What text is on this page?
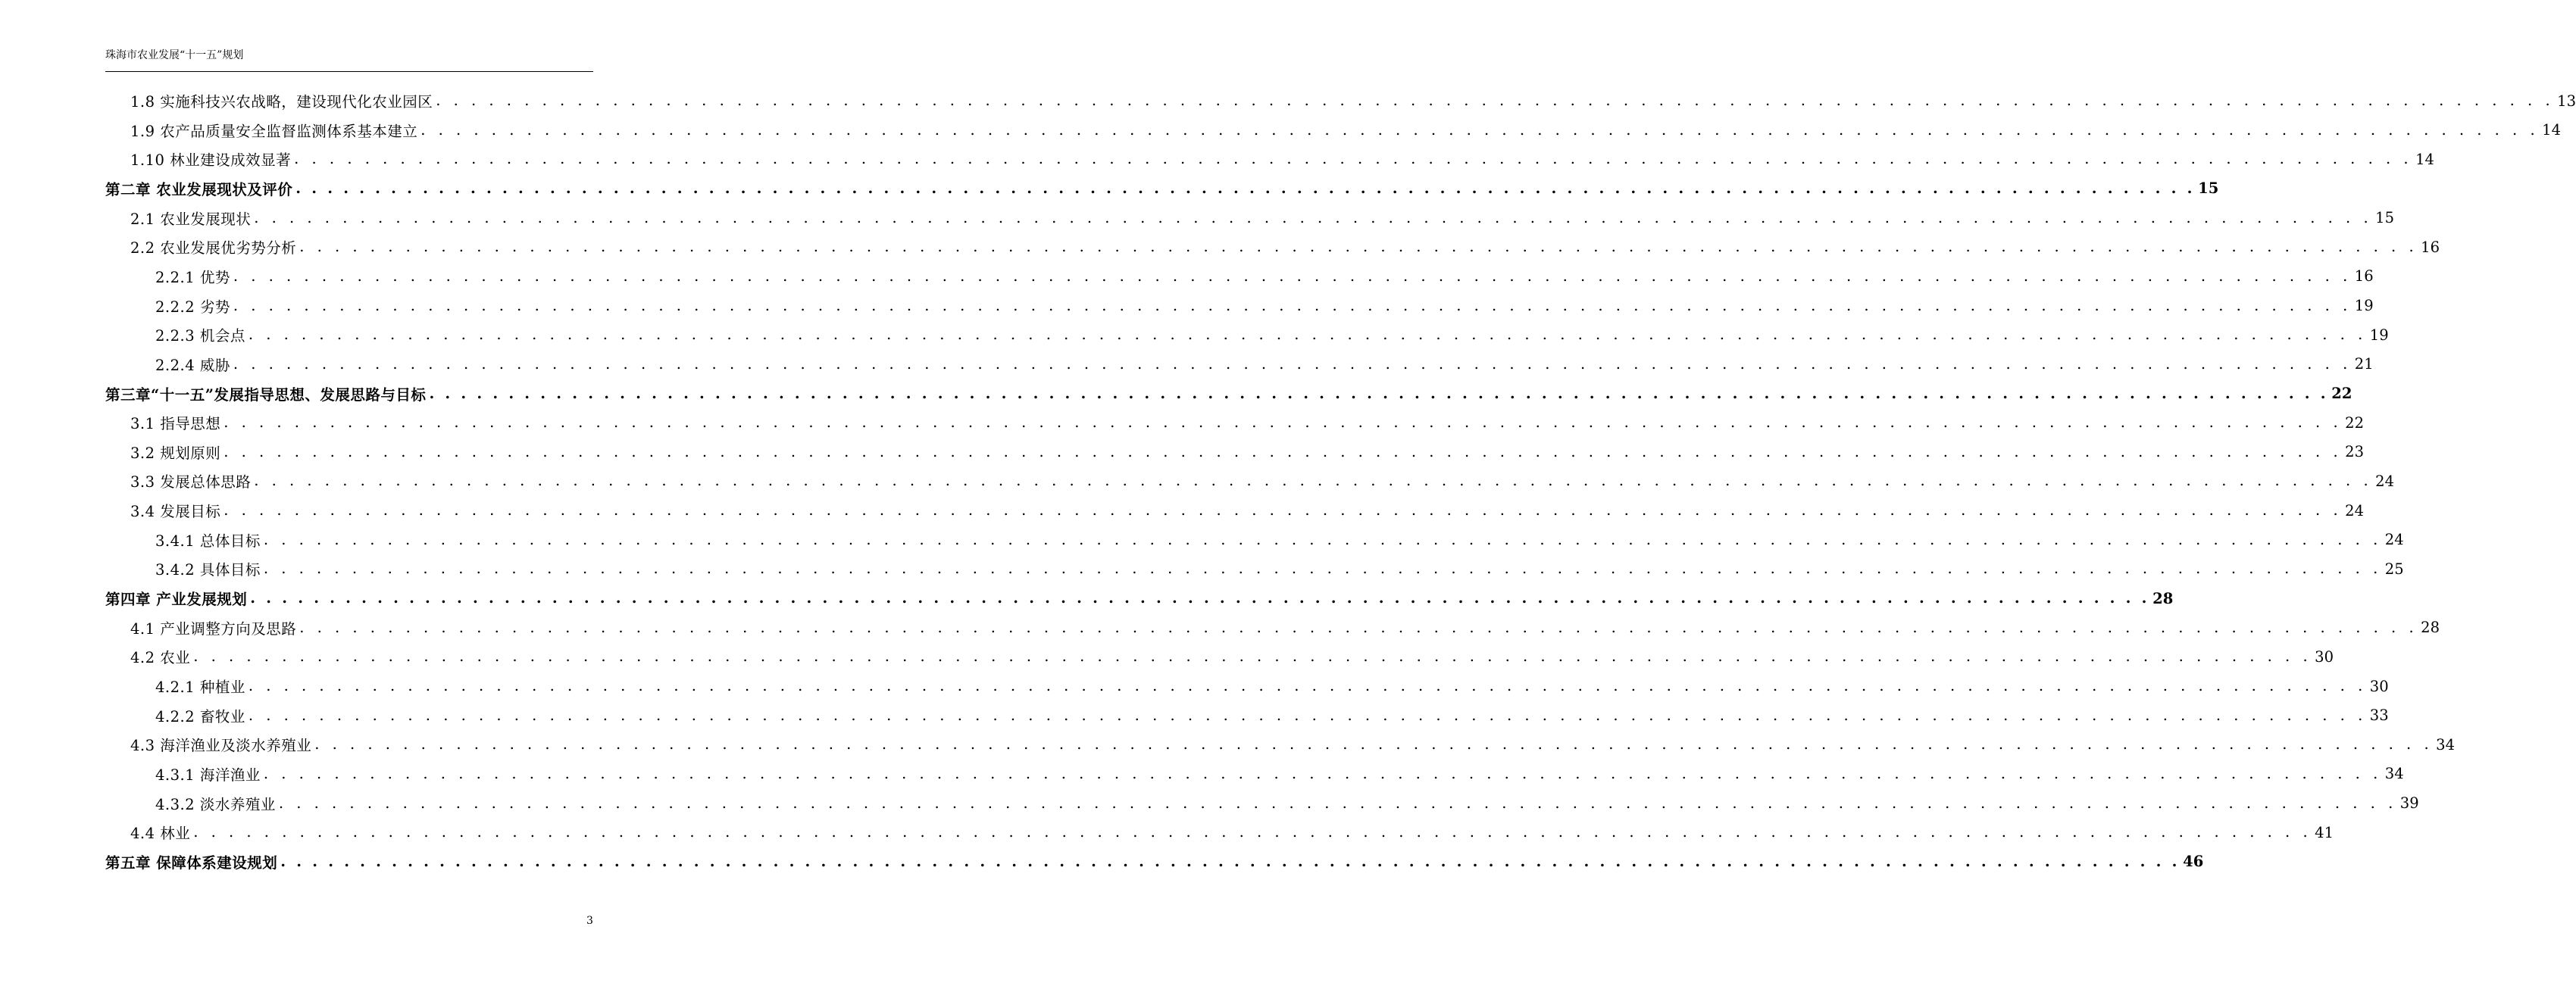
珠海市农业发展“十一五”规划
1.8 实施科技兴农战略，建设现代化农业园区 . . . . . . . . . . . . . . . . . . . . . . . . . . . . . . . . . . . . . . . . . . . . . . . . . . . . . . . . . . . . . . . . . . . . . . . . . . . . . . . . . . . . . . . . . . . . . . . . . . . . . . . . . . . . . . . . . . . . . . . . 13
1.9 农产品质量安全监督监测体系基本建立 . . . . . . . . . . . . . . . . . . . . . . . . . . . . . . . . . . . . . . . . . . . . . . . . . . . . . . . . . . . . . . . . . . . . . . . . . . . . . . . . . . . . . . . . . . . . . . . . . . . . . . . . . . . . . . . . . . . . . . . . 14
1.10 林业建设成效显著 . . . . . . . . . . . . . . . . . . . . . . . . . . . . . . . . . . . . . . . . . . . . . . . . . . . . . . . . . . . . . . . . . . . . . . . . . . . . . . . . . . . . . . . . . . . . . . . . . . . . . . . . . . . . . . . . . . . . . . . . 14
第二章 农业发展现状及评价 . . . . . . . . . . . . . . . . . . . . . . . . . . . . . . . . . . . . . . . . . . . . . . . . . . . . . . . . . . . . . . . . . . . . . . . . . . . . . . . . . . . . . . . . . . . . . . . . . . . . . . . . . . . . . . . . . . . . . . . . 15
2.1 农业发展现状 . . . . . . . . . . . . . . . . . . . . . . . . . . . . . . . . . . . . . . . . . . . . . . . . . . . . . . . . . . . . . . . . . . . . . . . . . . . . . . . . . . . . . . . . . . . . . . . . . . . . . . . . . . . . . . . . . . . . . . . . 15
2.2 农业发展优劣势分析 . . . . . . . . . . . . . . . . . . . . . . . . . . . . . . . . . . . . . . . . . . . . . . . . . . . . . . . . . . . . . . . . . . . . . . . . . . . . . . . . . . . . . . . . . . . . . . . . . . . . . . . . . . . . . . . . . . . . . . . . 16
2.2.1 优势 . . . . . . . . . . . . . . . . . . . . . . . . . . . . . . . . . . . . . . . . . . . . . . . . . . . . . . . . . . . . . . . . . . . . . . . . . . . . . . . . . . . . . . . . . . . . . . . . . . . . . . . . . . . . . . . . . . . . . . . . 16
2.2.2 劣势 . . . . . . . . . . . . . . . . . . . . . . . . . . . . . . . . . . . . . . . . . . . . . . . . . . . . . . . . . . . . . . . . . . . . . . . . . . . . . . . . . . . . . . . . . . . . . . . . . . . . . . . . . . . . . . . . . . . . . . . . 19
2.2.3 机会点 . . . . . . . . . . . . . . . . . . . . . . . . . . . . . . . . . . . . . . . . . . . . . . . . . . . . . . . . . . . . . . . . . . . . . . . . . . . . . . . . . . . . . . . . . . . . . . . . . . . . . . . . . . . . . . . . . . . . . . . . 19
2.2.4 威胁 . . . . . . . . . . . . . . . . . . . . . . . . . . . . . . . . . . . . . . . . . . . . . . . . . . . . . . . . . . . . . . . . . . . . . . . . . . . . . . . . . . . . . . . . . . . . . . . . . . . . . . . . . . . . . . . . . . . . . . . . 21
第三章“十一五”发展指导思想、发展思路与目标 . . . . . . . . . . . . . . . . . . . . . . . . . . . . . . . . . . . . . . . . . . . . . . . . . . . . . . . . . . . . . . . . . . . . . . . . . . . . . . . . . . . . . . . . . . . . . . . . . . . . . . . . . . . . . . . . . . . . . . . . 22
3.1 指导思想 . . . . . . . . . . . . . . . . . . . . . . . . . . . . . . . . . . . . . . . . . . . . . . . . . . . . . . . . . . . . . . . . . . . . . . . . . . . . . . . . . . . . . . . . . . . . . . . . . . . . . . . . . . . . . . . . . . . . . . . . 22
3.2 规划原则 . . . . . . . . . . . . . . . . . . . . . . . . . . . . . . . . . . . . . . . . . . . . . . . . . . . . . . . . . . . . . . . . . . . . . . . . . . . . . . . . . . . . . . . . . . . . . . . . . . . . . . . . . . . . . . . . . . . . . . . . 23
3.3 发展总体思路 . . . . . . . . . . . . . . . . . . . . . . . . . . . . . . . . . . . . . . . . . . . . . . . . . . . . . . . . . . . . . . . . . . . . . . . . . . . . . . . . . . . . . . . . . . . . . . . . . . . . . . . . . . . . . . . . . . . . . . . . 24
3.4 发展目标 . . . . . . . . . . . . . . . . . . . . . . . . . . . . . . . . . . . . . . . . . . . . . . . . . . . . . . . . . . . . . . . . . . . . . . . . . . . . . . . . . . . . . . . . . . . . . . . . . . . . . . . . . . . . . . . . . . . . . . . . 24
3.4.1 总体目标 . . . . . . . . . . . . . . . . . . . . . . . . . . . . . . . . . . . . . . . . . . . . . . . . . . . . . . . . . . . . . . . . . . . . . . . . . . . . . . . . . . . . . . . . . . . . . . . . . . . . . . . . . . . . . . . . . . . . . . . . 24
3.4.2 具体目标 . . . . . . . . . . . . . . . . . . . . . . . . . . . . . . . . . . . . . . . . . . . . . . . . . . . . . . . . . . . . . . . . . . . . . . . . . . . . . . . . . . . . . . . . . . . . . . . . . . . . . . . . . . . . . . . . . . . . . . . . 25
第四章 产业发展规划 . . . . . . . . . . . . . . . . . . . . . . . . . . . . . . . . . . . . . . . . . . . . . . . . . . . . . . . . . . . . . . . . . . . . . . . . . . . . . . . . . . . . . . . . . . . . . . . . . . . . . . . . . . . . . . . . . . . . . . . . 28
4.1 产业调整方向及思路 . . . . . . . . . . . . . . . . . . . . . . . . . . . . . . . . . . . . . . . . . . . . . . . . . . . . . . . . . . . . . . . . . . . . . . . . . . . . . . . . . . . . . . . . . . . . . . . . . . . . . . . . . . . . . . . . . . . . . . . . 28
4.2 农业 . . . . . . . . . . . . . . . . . . . . . . . . . . . . . . . . . . . . . . . . . . . . . . . . . . . . . . . . . . . . . . . . . . . . . . . . . . . . . . . . . . . . . . . . . . . . . . . . . . . . . . . . . . . . . . . . . . . . . . . . 30
4.2.1 种植业 . . . . . . . . . . . . . . . . . . . . . . . . . . . . . . . . . . . . . . . . . . . . . . . . . . . . . . . . . . . . . . . . . . . . . . . . . . . . . . . . . . . . . . . . . . . . . . . . . . . . . . . . . . . . . . . . . . . . . . . . 30
4.2.2 畜牧业 . . . . . . . . . . . . . . . . . . . . . . . . . . . . . . . . . . . . . . . . . . . . . . . . . . . . . . . . . . . . . . . . . . . . . . . . . . . . . . . . . . . . . . . . . . . . . . . . . . . . . . . . . . . . . . . . . . . . . . . . 33
4.3 海洋渔业及淡水养殖业 . . . . . . . . . . . . . . . . . . . . . . . . . . . . . . . . . . . . . . . . . . . . . . . . . . . . . . . . . . . . . . . . . . . . . . . . . . . . . . . . . . . . . . . . . . . . . . . . . . . . . . . . . . . . . . . . . . . . . . . . 34
4.3.1 海洋渔业 . . . . . . . . . . . . . . . . . . . . . . . . . . . . . . . . . . . . . . . . . . . . . . . . . . . . . . . . . . . . . . . . . . . . . . . . . . . . . . . . . . . . . . . . . . . . . . . . . . . . . . . . . . . . . . . . . . . . . . . . 34
4.3.2 淡水养殖业 . . . . . . . . . . . . . . . . . . . . . . . . . . . . . . . . . . . . . . . . . . . . . . . . . . . . . . . . . . . . . . . . . . . . . . . . . . . . . . . . . . . . . . . . . . . . . . . . . . . . . . . . . . . . . . . . . . . . . . . . 39
4.4 林业 . . . . . . . . . . . . . . . . . . . . . . . . . . . . . . . . . . . . . . . . . . . . . . . . . . . . . . . . . . . . . . . . . . . . . . . . . . . . . . . . . . . . . . . . . . . . . . . . . . . . . . . . . . . . . . . . . . . . . . . . 41
第五章 保障体系建设规划 . . . . . . . . . . . . . . . . . . . . . . . . . . . . . . . . . . . . . . . . . . . . . . . . . . . . . . . . . . . . . . . . . . . . . . . . . . . . . . . . . . . . . . . . . . . . . . . . . . . . . . . . . . . . . . . . . . . . . . . . 46
3
